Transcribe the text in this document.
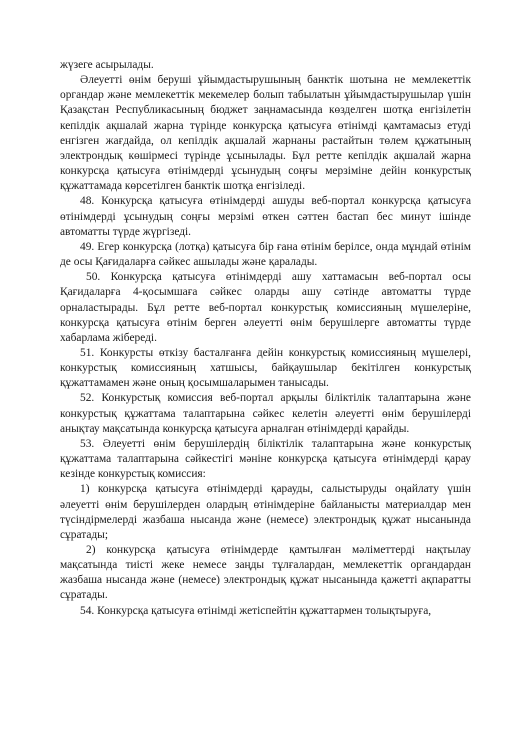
жүзеге асырылады.

Әлеуетті өнім беруші ұйымдастырушының банктік шотына не мемлекеттік органдар және мемлекеттік мекемелер болып табылатын ұйымдастырушылар үшін Қазақстан Республикасының бюджет заңнамасында көзделген шотқа енгізілетін кепілдік ақшалай жарна түрінде конкурсқа қатысуға өтінімді қамтамасыз етуді енгізген жағдайда, ол кепілдік ақшалай жарнаны растайтын төлем құжатының электрондық көшірмесі түрінде ұсынылады. Бұл ретте кепілдік ақшалай жарна конкурсқа қатысуға өтінімдерді ұсынудың соңғы мерзіміне дейін конкурстық құжаттамада көрсетілген банктік шотқа енгізіледі.

48. Конкурсқа қатысуға өтінімдерді ашуды веб-портал конкурсқа қатысуға өтінімдерді ұсынудың соңғы мерзімі өткен сәттен бастап бес минут ішінде автоматты түрде жүргізеді.

49. Егер конкурсқа (лотқа) қатысуға бір ғана өтінім берілсе, онда мұндай өтінім де осы Қағидаларға сәйкес ашылады және қаралады.

50. Конкурсқа қатысуға өтінімдерді ашу хаттамасын веб-портал осы Қағидаларға 4-қосымшаға сәйкес оларды ашу сәтінде автоматты түрде орналастырады. Бұл ретте веб-портал конкурстық комиссияның мүшелеріне, конкурсқа қатысуға өтінім берген әлеуетті өнім берушілерге автоматты түрде хабарлама жібереді.

51. Конкурсты өткізу басталғанға дейін конкурстық комиссияның мүшелері, конкурстық комиссияның хатшысы, байқаушылар бекітілген конкурстық құжаттамамен және оның қосымшаларымен танысады.

52. Конкурстық комиссия веб-портал арқылы біліктілік талаптарына және конкурстық құжаттама талаптарына сәйкес келетін әлеуетті өнім берушілерді анықтау мақсатында конкурсқа қатысуға арналған өтінімдерді қарайды.

53. Әлеуетті өнім берушілердің біліктілік талаптарына және конкурстық құжаттама талаптарына сәйкестігі мәніне конкурсқа қатысуға өтінімдерді қарау кезінде конкурстық комиссия:

1) конкурсқа қатысуға өтінімдерді қарауды, салыстыруды оңайлату үшін әлеуетті өнім берушілерден олардың өтінімдеріне байланысты материалдар мен түсіндірмелерді жазбаша нысанда және (немесе) электрондық құжат нысанында сұратады;

2) конкурсқа қатысуға өтінімдерде қамтылған мәліметтерді нақтылау мақсатында тиісті жеке немесе заңды тұлғалардан, мемлекеттік органдардан жазбаша нысанда және (немесе) электрондық құжат нысанында қажетті ақпаратты сұратады.

54. Конкурсқа қатысуға өтінімді жетіспейтін құжаттармен толықтыруға,
